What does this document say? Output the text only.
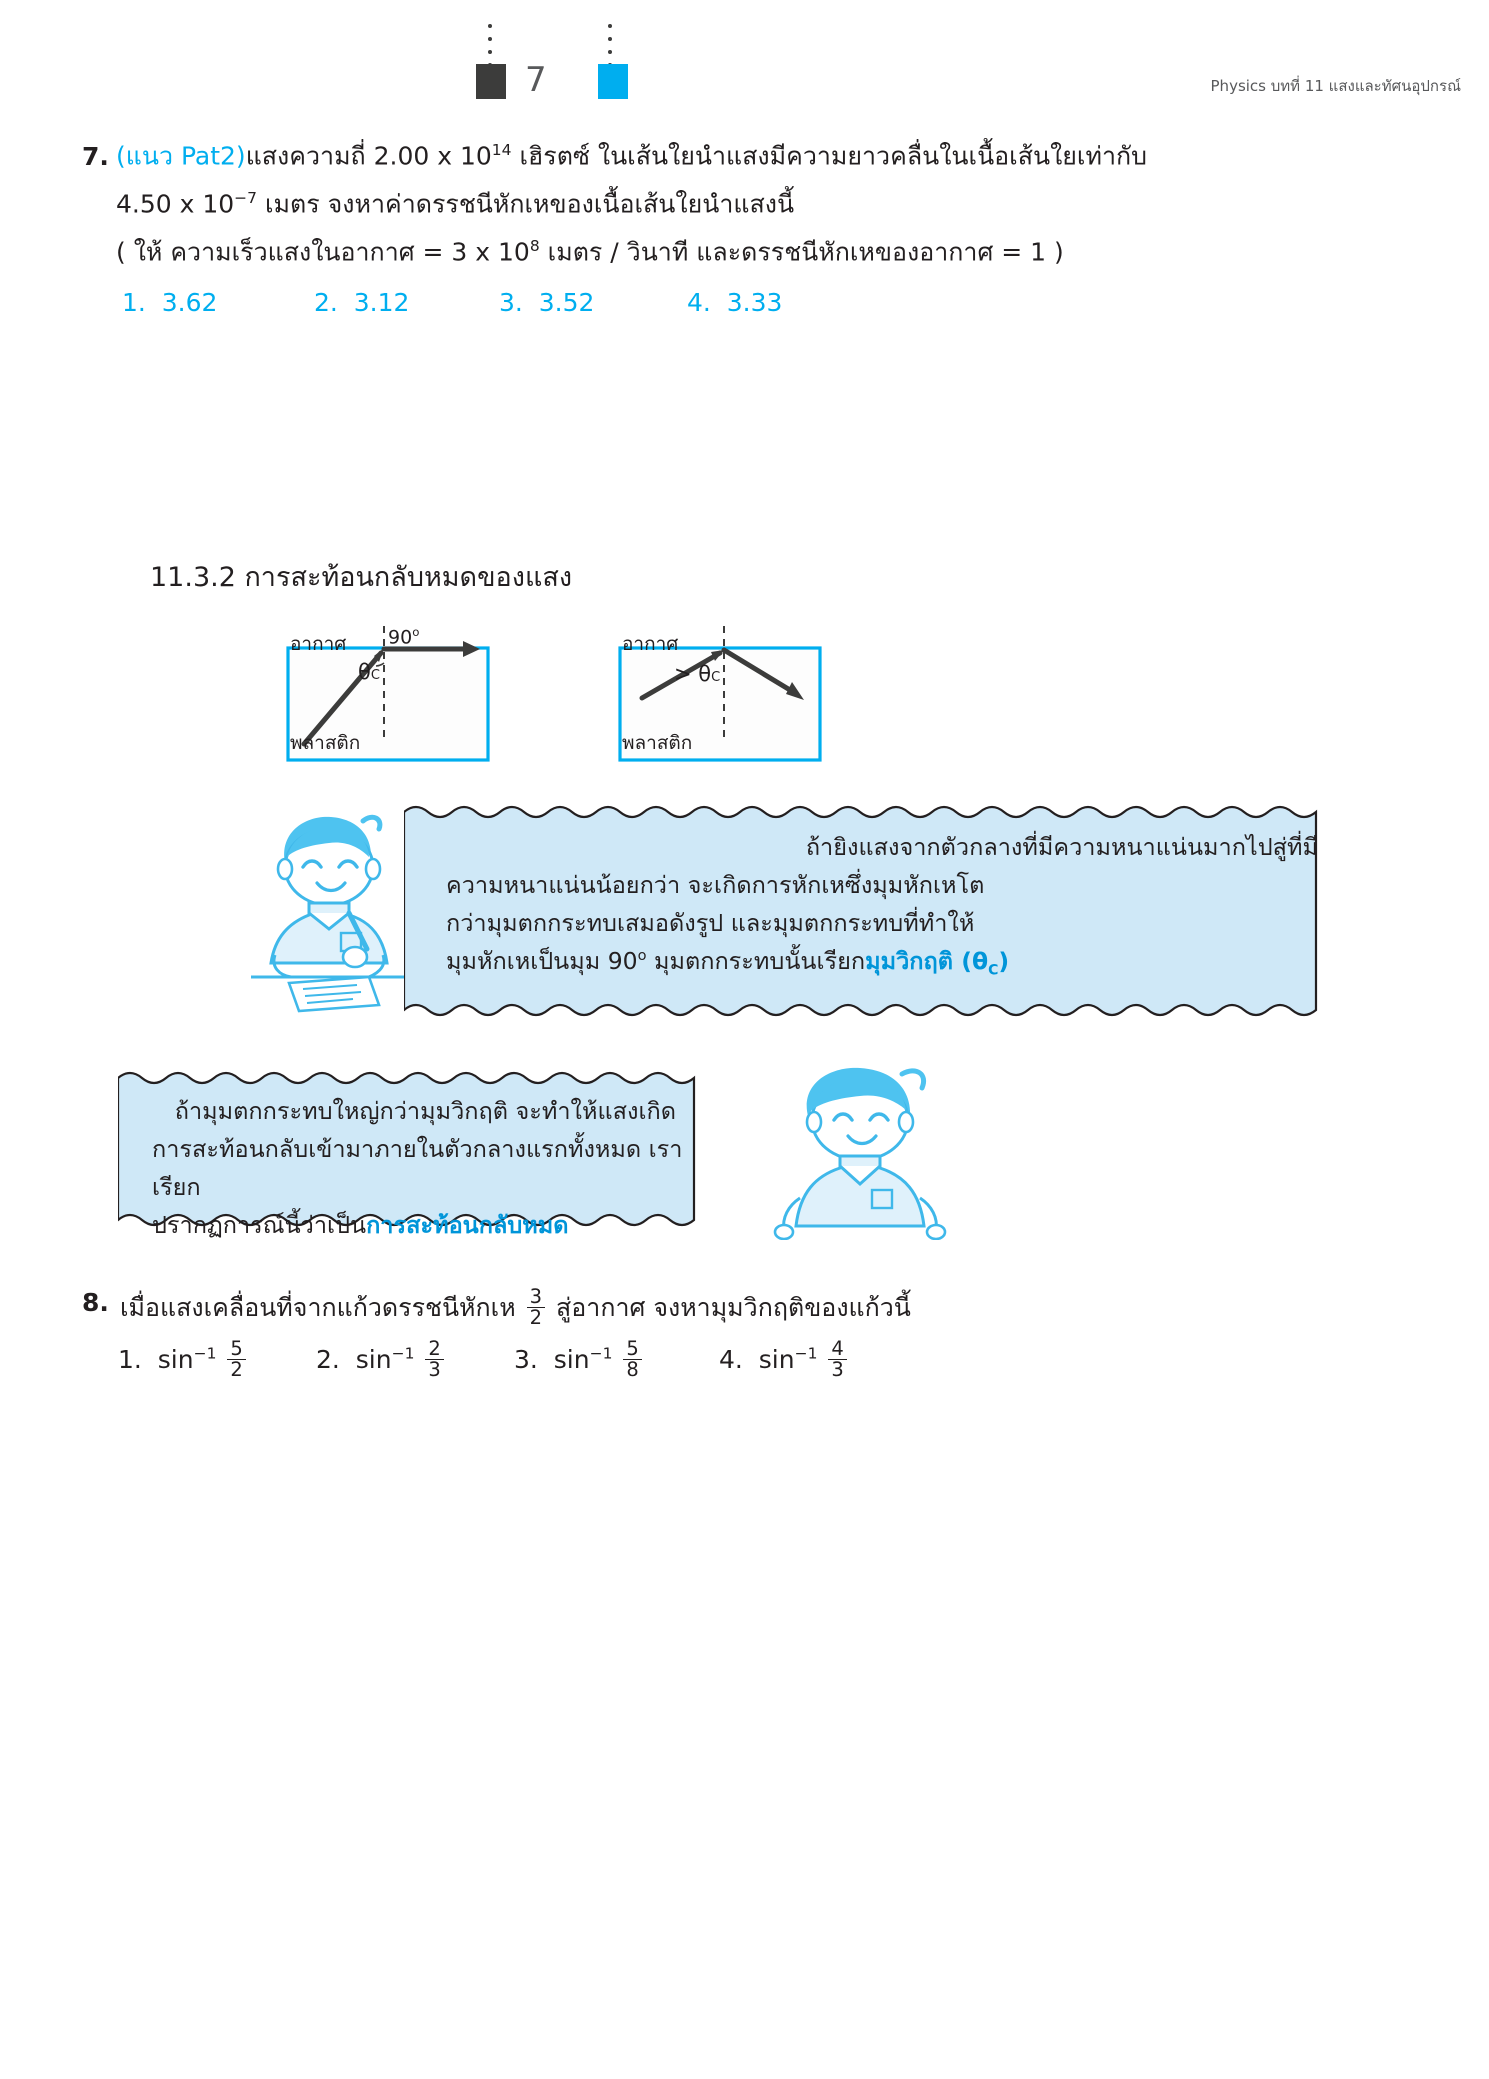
7	Physics บทที่ 11 แสงและทัศนอุปกรณ์
7. (แนว Pat2)แสงความถี่ 2.00 x $10^{14}$ เฮิรตซ์ ในเส้นใยนำแสงมีความยาวคลื่นในเนื้อเส้นใยเท่ากับ
4.50 x $10^{-7}$ เมตร จงหาค่าดรรชนีหักเหของเนื้อเส้นใยนำแสงนี้
( ให้ ความเร็วแสงในอากาศ = 3 x $10^8$ เมตร / วินาที และดรรชนีหักเหของอากาศ = 1 )
1. 3.62	2. 3.12	3. 3.52	4. 3.33
11.3.2 การสะท้อนกลับหมดของแสง
อากาศ
พลาสติก
90$^o$
θC
อากาศ
พลาสติก
> θC
ถ้ายิงแสงจากตัวกลางที่มีความหนาแน่นมากไปสู่ที่มี
ความหนาแน่นน้อยกว่า จะเกิดการหักเหซึ่งมุมหักเหโต
กว่ามุมตกกระทบเสมอดังรูป และมุมตกกระทบที่ทำให้
มุมหักเหเป็นมุม 90$^o$ มุมตกกระทบนั้นเรียกมุมวิกฤติ $(\theta_C)$
ถ้ามุมตกกระทบใหญ่กว่ามุมวิกฤติ จะทำให้แสงเกิด
การสะท้อนกลับเข้ามาภายในตัวกลางแรกทั้งหมด เราเรียก
ปรากฏการณ์นี้ว่าเป็นการสะท้อนกลับหมด
8. เมื่อแสงเคลื่อนที่จากแก้วดรรชนีหักเห $\frac{3}{2}$ สู่อากาศ จงหามุมวิกฤติของแก้วนี้
1. $\sin^{-1} \frac{5}{2}$	2. $\sin^{-1} \frac{2}{3}$	3. $\sin^{-1} \frac{5}{8}$	4. $\sin^{-1} \frac{4}{3}$
